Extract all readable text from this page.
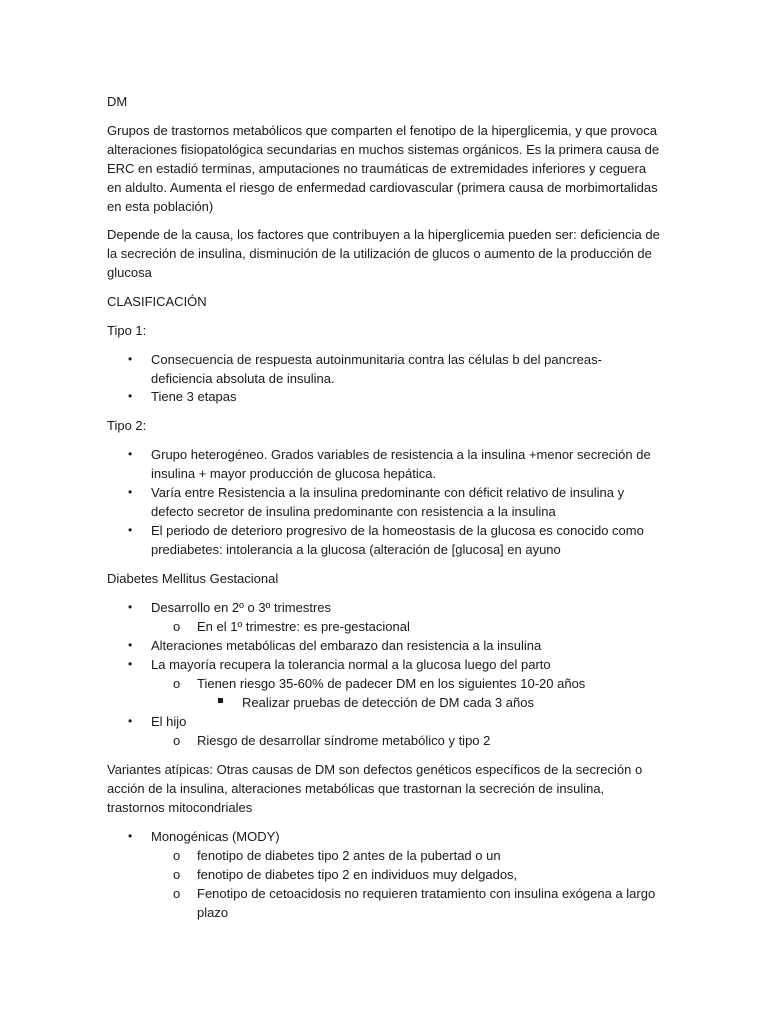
DM

Grupos de trastornos metabólicos que comparten el fenotipo de la hiperglicemia, y que provoca alteraciones fisiopatológica secundarias en muchos sistemas orgánicos. Es la primera causa de ERC en estadió terminas, amputaciones no traumáticas de extremidades inferiores y ceguera en aldulto. Aumenta el riesgo de enfermedad cardiovascular (primera causa de morbimortalidas en esta población)

Depende de la causa, los factores que contribuyen a la hiperglicemia pueden ser: deficiencia de la secreción de insulina, disminución de la utilización de glucos o aumento de la producción de glucosa

CLASIFICACIÓN

Tipo 1:

•	Consecuencia de respuesta autoinmunitaria contra las células b del pancreas- deficiencia absoluta de insulina.
•	Tiene 3 etapas

Tipo 2:

•	Grupo heterogéneo. Grados variables de resistencia a la insulina +menor secreción de insulina + mayor producción de glucosa hepática.
•	Varía entre Resistencia a la insulina predominante con déficit relativo de insulina y defecto secretor de insulina predominante con resistencia a la insulina
•	El periodo de deterioro progresivo de la homeostasis de la glucosa es conocido como prediabetes: intolerancia a la glucosa (alteración de [glucosa] en ayuno

Diabetes Mellitus Gestacional

•	Desarrollo en 2º o 3º trimestres
o	En el 1º trimestre: es pre-gestacional
•	Alteraciones metabólicas del embarazo dan resistencia a la insulina
•	La mayoría recupera la tolerancia normal a la glucosa luego del parto
o	Tienen riesgo 35-60% de padecer DM en los siguientes 10-20 años
Realizar pruebas de detección de DM cada 3 años
•	El hijo
o	Riesgo de desarrollar síndrome metabólico y tipo 2

Variantes atípicas: Otras causas de DM son defectos genéticos específicos de la secreción o acción de la insulina, alteraciones metabólicas que trastornan la secreción de insulina, trastornos mitocondriales

•	Monogénicas (MODY)
o	fenotipo de diabetes tipo 2 antes de la pubertad o un
o	fenotipo de diabetes tipo 2 en individuos muy delgados,
o	Fenotipo de cetoacidosis no requieren tratamiento con insulina exógena a largo plazo
